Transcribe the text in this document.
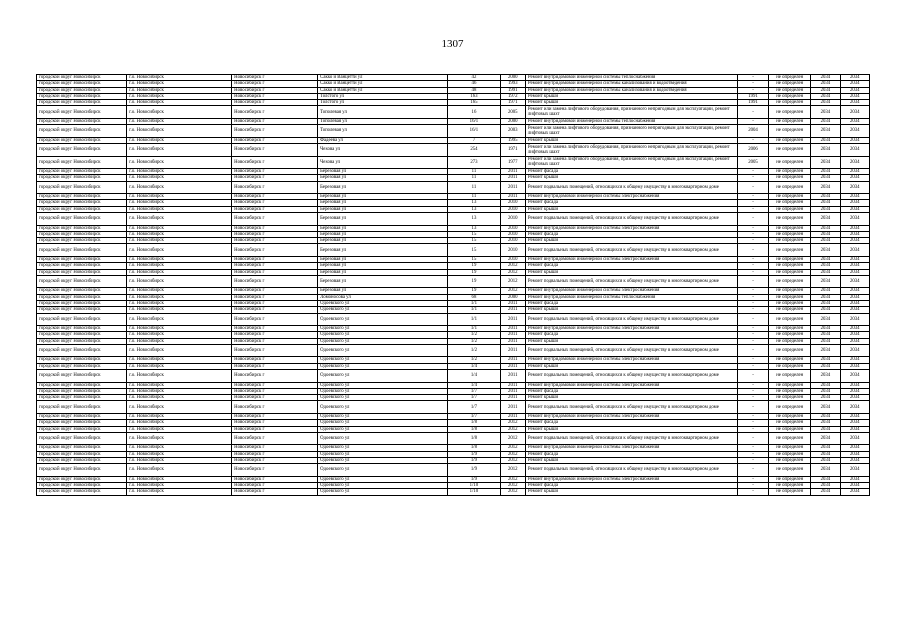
1307
городской округ Новосибирск	г.о. Новосибирск	Новосибирск г	Сакко и Ванцетти ул	42	2000	Ремонт внутридомовой инженерной системы теплоснабжения	-	не определен	2034	2034
городской округ Новосибирск	г.о. Новосибирск	Новосибирск г	Сакко и Ванцетти ул	46	1993	Ремонт внутридомовой инженерной системы канализования и водоотведения	-	не определен	2034	2034
городской округ Новосибирск	г.о. Новосибирск	Новосибирск г	Сакко и Ванцетти ул	48	1991	Ремонт внутридомовой инженерной системы канализования и водоотведения	-	не определен	2034	2034
городской округ Новосибирск	г.о. Новосибирск	Новосибирск г	Толстого ул	163	1972	Ремонт крыши	1991	не определен	2034	2034
городской округ Новосибирск	г.о. Новосибирск	Новосибирск г	Толстого ул	165	1971	Ремонт крыши	1991	не определен	2034	2034
городской округ Новосибирск	г.о. Новосибирск	Новосибирск г	Тополевая ул	16	2005	Ремонт или замена лифтового оборудования, признанного непригодным для эксплуатации, ремонт лифтовых шахт	-	не определен	2034	2034
городской округ Новосибирск	г.о. Новосибирск	Новосибирск г	Тополевая ул	16/1	2000	Ремонт внутридомовой инженерной системы теплоснабжения	-	не определен	2034	2034
городской округ Новосибирск	г.о. Новосибирск	Новосибирск г	Тополевая ул	16/1	2003	Ремонт или замена лифтового оборудования, признанного непригодным для эксплуатации, ремонт лифтовых шахт	2004	не определен	2034	2034
городской округ Новосибирск	г.о. Новосибирск	Новосибирск г	Фадеева ул	7	1995	Ремонт крыши	-	не определен	2034	2034
городской округ Новосибирск	г.о. Новосибирск	Новосибирск г	Чехова ул	254	1971	Ремонт или замена лифтового оборудования, признанного непригодным для эксплуатации, ремонт лифтовых шахт	2006	не определен	2034	2034
городской округ Новосибирск	г.о. Новосибирск	Новосибирск г	Чехова ул	273	1977	Ремонт или замена лифтового оборудования, признанного непригодным для эксплуатации, ремонт лифтовых шахт	2005	не определен	2034	2034
городской округ Новосибирск	г.о. Новосибирск	Новосибирск г	Березовая ул	11	2011	Ремонт фасада	-	не определен	2034	2034
городской округ Новосибирск	г.о. Новосибирск	Новосибирск г	Березовая ул	11	2011	Ремонт крыши	-	не определен	2034	2034
городской округ Новосибирск	г.о. Новосибирск	Новосибирск г	Березовая ул	11	2011	Ремонт подвальных помещений, относящихся к общему имуществу в многоквартирном доме	-	не определен	2034	2034
городской округ Новосибирск	г.о. Новосибирск	Новосибирск г	Березовая ул	11	2011	Ремонт внутридомовой инженерной системы электроснабжения	-	не определен	2034	2034
городской округ Новосибирск	г.о. Новосибирск	Новосибирск г	Березовая ул	13	2010	Ремонт фасада	-	не определен	2034	2034
городской округ Новосибирск	г.о. Новосибирск	Новосибирск г	Березовая ул	13	2010	Ремонт крыши	-	не определен	2034	2034
городской округ Новосибирск	г.о. Новосибирск	Новосибирск г	Березовая ул	13	2010	Ремонт подвальных помещений, относящихся к общему имуществу в многоквартирном доме	-	не определен	2034	2034
городской округ Новосибирск	г.о. Новосибирск	Новосибирск г	Березовая ул	13	2010	Ремонт внутридомовой инженерной системы электроснабжения	-	не определен	2034	2034
городской округ Новосибирск	г.о. Новосибирск	Новосибирск г	Березовая ул	15	2010	Ремонт фасада	-	не определен	2034	2034
городской округ Новосибирск	г.о. Новосибирск	Новосибирск г	Березовая ул	15	2010	Ремонт крыши	-	не определен	2034	2034
городской округ Новосибирск	г.о. Новосибирск	Новосибирск г	Березовая ул	15	2010	Ремонт подвальных помещений, относящихся к общему имуществу в многоквартирном доме	-	не определен	2034	2034
городской округ Новосибирск	г.о. Новосибирск	Новосибирск г	Березовая ул	15	2010	Ремонт внутридомовой инженерной системы электроснабжения	-	не определен	2034	2034
городской округ Новосибирск	г.о. Новосибирск	Новосибирск г	Березовая ул	19	2012	Ремонт фасада	-	не определен	2034	2034
городской округ Новосибирск	г.о. Новосибирск	Новосибирск г	Березовая ул	19	2012	Ремонт крыши	-	не определен	2034	2034
городской округ Новосибирск	г.о. Новосибирск	Новосибирск г	Березовая ул	19	2012	Ремонт подвальных помещений, относящихся к общему имуществу в многоквартирном доме	-	не определен	2034	2034
городской округ Новосибирск	г.о. Новосибирск	Новосибирск г	Березовая ул	19	2012	Ремонт внутридомовой инженерной системы электроснабжения	-	не определен	2034	2034
городской округ Новосибирск	г.о. Новосибирск	Новосибирск г	Ломоносова ул	68	2000	Ремонт внутридомовой инженерной системы теплоснабжения	-	не определен	2034	2034
городской округ Новосибирск	г.о. Новосибирск	Новосибирск г	Одоевского ул	1/1	2011	Ремонт фасада	-	не определен	2034	2034
городской округ Новосибирск	г.о. Новосибирск	Новосибирск г	Одоевского ул	1/1	2011	Ремонт крыши	-	не определен	2034	2034
городской округ Новосибирск	г.о. Новосибирск	Новосибирск г	Одоевского ул	1/1	2011	Ремонт подвальных помещений, относящихся к общему имуществу в многоквартирном доме	-	не определен	2034	2034
городской округ Новосибирск	г.о. Новосибирск	Новосибирск г	Одоевского ул	1/1	2011	Ремонт внутридомовой инженерной системы электроснабжения	-	не определен	2034	2034
городской округ Новосибирск	г.о. Новосибирск	Новосибирск г	Одоевского ул	1/2	2011	Ремонт фасада	-	не определен	2034	2034
городской округ Новосибирск	г.о. Новосибирск	Новосибирск г	Одоевского ул	1/2	2011	Ремонт крыши	-	не определен	2034	2034
городской округ Новосибирск	г.о. Новосибирск	Новосибирск г	Одоевского ул	1/2	2011	Ремонт подвальных помещений, относящихся к общему имуществу в многоквартирном доме	-	не определен	2034	2034
городской округ Новосибирск	г.о. Новосибирск	Новосибирск г	Одоевского ул	1/2	2011	Ремонт внутридомовой инженерной системы электроснабжения	-	не определен	2034	2034
городской округ Новосибирск	г.о. Новосибирск	Новосибирск г	Одоевского ул	1/4	2011	Ремонт крыши	-	не определен	2034	2034
городской округ Новосибирск	г.о. Новосибирск	Новосибирск г	Одоевского ул	1/4	2011	Ремонт подвальных помещений, относящихся к общему имуществу в многоквартирном доме	-	не определен	2034	2034
городской округ Новосибирск	г.о. Новосибирск	Новосибирск г	Одоевского ул	1/4	2011	Ремонт внутридомовой инженерной системы электроснабжения	-	не определен	2034	2034
городской округ Новосибирск	г.о. Новосибирск	Новосибирск г	Одоевского ул	1/7	2011	Ремонт фасада	-	не определен	2034	2034
городской округ Новосибирск	г.о. Новосибирск	Новосибирск г	Одоевского ул	1/7	2011	Ремонт крыши	-	не определен	2034	2034
городской округ Новосибирск	г.о. Новосибирск	Новосибирск г	Одоевского ул	1/7	2011	Ремонт подвальных помещений, относящихся к общему имуществу в многоквартирном доме	-	не определен	2034	2034
городской округ Новосибирск	г.о. Новосибирск	Новосибирск г	Одоевского ул	1/7	2011	Ремонт внутридомовой инженерной системы электроснабжения	-	не определен	2034	2034
городской округ Новосибирск	г.о. Новосибирск	Новосибирск г	Одоевского ул	1/8	2012	Ремонт фасада	-	не определен	2034	2034
городской округ Новосибирск	г.о. Новосибирск	Новосибирск г	Одоевского ул	1/8	2012	Ремонт крыши	-	не определен	2034	2034
городской округ Новосибирск	г.о. Новосибирск	Новосибирск г	Одоевского ул	1/8	2012	Ремонт подвальных помещений, относящихся к общему имуществу в многоквартирном доме	-	не определен	2034	2034
городской округ Новосибирск	г.о. Новосибирск	Новосибирск г	Одоевского ул	1/8	2012	Ремонт внутридомовой инженерной системы электроснабжения	-	не определен	2034	2034
городской округ Новосибирск	г.о. Новосибирск	Новосибирск г	Одоевского ул	1/9	2012	Ремонт фасада	-	не определен	2034	2034
городской округ Новосибирск	г.о. Новосибирск	Новосибирск г	Одоевского ул	1/9	2012	Ремонт крыши	-	не определен	2034	2034
городской округ Новосибирск	г.о. Новосибирск	Новосибирск г	Одоевского ул	1/9	2012	Ремонт подвальных помещений, относящихся к общему имуществу в многоквартирном доме	-	не определен	2034	2034
городской округ Новосибирск	г.о. Новосибирск	Новосибирск г	Одоевского ул	1/9	2012	Ремонт внутридомовой инженерной системы электроснабжения	-	не определен	2034	2034
городской округ Новосибирск	г.о. Новосибирск	Новосибирск г	Одоевского ул	1/10	2012	Ремонт фасада	-	не определен	2034	2034
городской округ Новосибирск	г.о. Новосибирск	Новосибирск г	Одоевского ул	1/10	2012	Ремонт крыши	-	не определен	2034	2034
